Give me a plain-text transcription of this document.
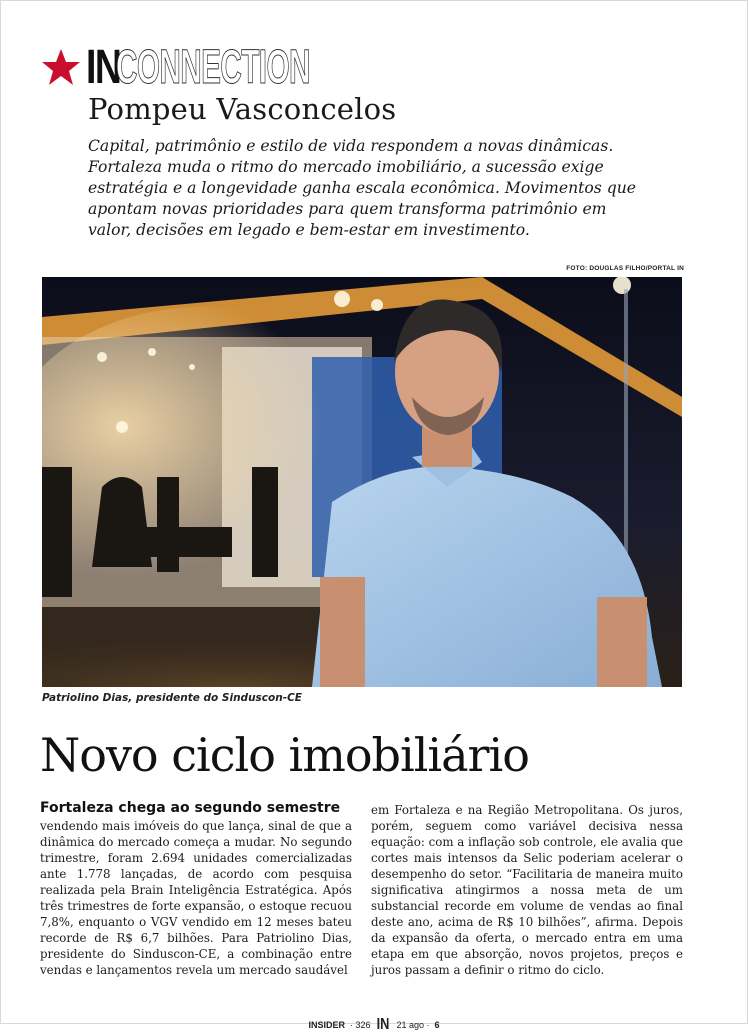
IN
CONNECTION
Pompeu Vasconcelos
Capital, patrimônio e estilo de vida respondem a novas dinâmicas. Fortaleza muda o ritmo do mercado imobiliário, a sucessão exige estratégia e a longevidade ganha escala econômica. Movimentos que apontam novas prioridades para quem transforma patrimônio em valor, decisões em legado e bem-estar em investimento.
FOTO: DOUGLAS FILHO/PORTAL IN
Patriolino Dias, presidente do Sinduscon-CE
Novo ciclo imobiliário
Fortaleza chega ao segundo semestre
vendendo mais imóveis do que lança, sinal de que a dinâmica do mercado começa a mudar. No segundo trimestre, foram 2.694 unidades comercializadas ante 1.778 lançadas, de acordo com pesquisa realizada pela Brain Inteligência Estratégica. Após três trimestres de forte expansão, o estoque recuou 7,8%, enquanto o VGV vendido em 12 meses bateu recorde de R$ 6,7 bilhões. Para Patriolino Dias, presidente do Sinduscon-CE, a combinação entre vendas e lançamentos revela um mercado saudável
em Fortaleza e na Região Metropolitana. Os juros, porém, seguem como variável decisiva nessa equação: com a inflação sob controle, ele avalia que cortes mais intensos da Selic poderiam acelerar o desempenho do setor. “Facilitaria de maneira muito significativa atingirmos a nossa meta de um substancial recorde em volume de vendas ao final deste ano, acima de R$ 10 bilhões”, afirma. Depois da expansão da oferta, o mercado entra em uma etapa em que absorção, novos projetos, preços e juros passam a definir o ritmo do ciclo.
INSIDER · 326 IN 21 ago · 6
